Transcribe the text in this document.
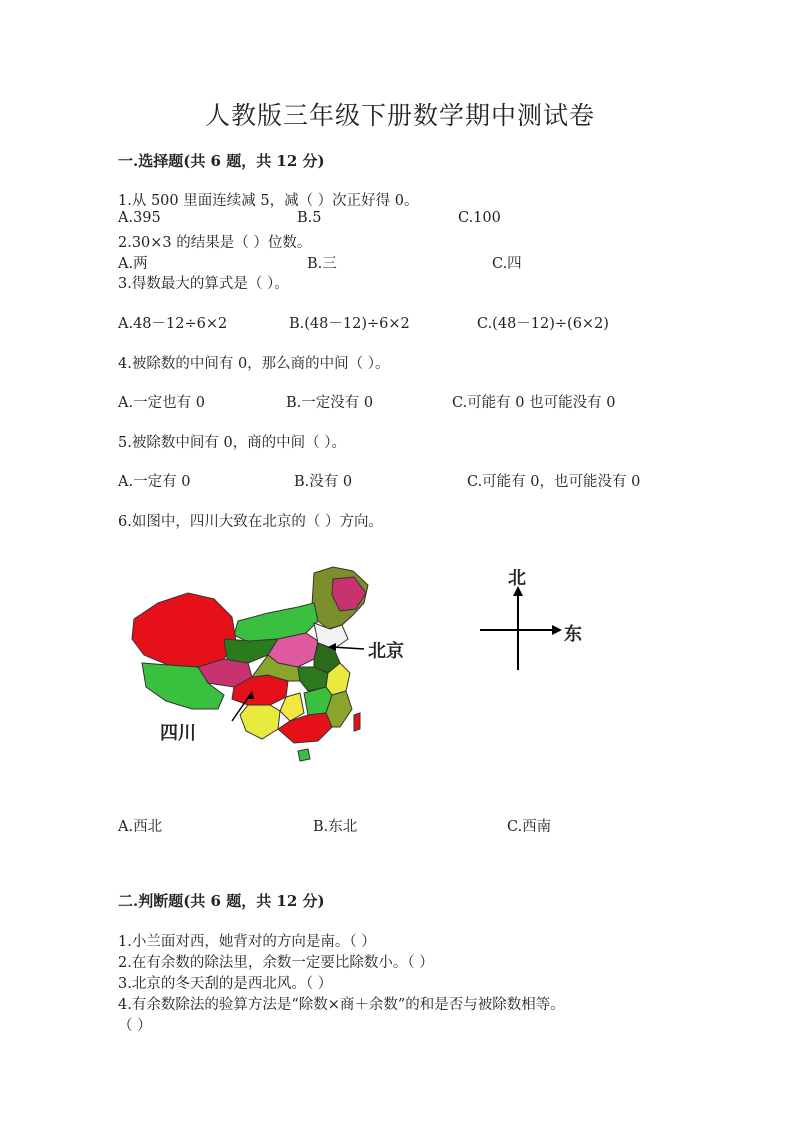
人教版三年级下册数学期中测试卷
一.选择题(共 6 题，共 12 分)
1.从 500 里面连续减 5，减（ ）次正好得 0。
A.395	B.5	C.100
2.30×3 的结果是（ ）位数。
A.两	B.三	C.四
3.得数最大的算式是（ ）。
A.48－12÷6×2	B.(48－12)÷6×2	C.(48－12)÷(6×2)
4.被除数的中间有 0，那么商的中间（ ）。
A.一定也有 0	B.一定没有 0	C.可能有 0 也可能没有 0
5.被除数中间有 0，商的中间（ ）。
A.一定有 0	B.没有 0	C.可能有 0，也可能没有 0
6.如图中，四川大致在北京的（ ）方向。
北京
四川
北
东
A.西北	B.东北	C.西南
二.判断题(共 6 题，共 12 分)
1.小兰面对西，她背对的方向是南。（ ）
2.在有余数的除法里，余数一定要比除数小。（ ）
3.北京的冬天刮的是西北风。（ ）
4.有余数除法的验算方法是“除数×商＋余数”的和是否与被除数相等。
（ ）
